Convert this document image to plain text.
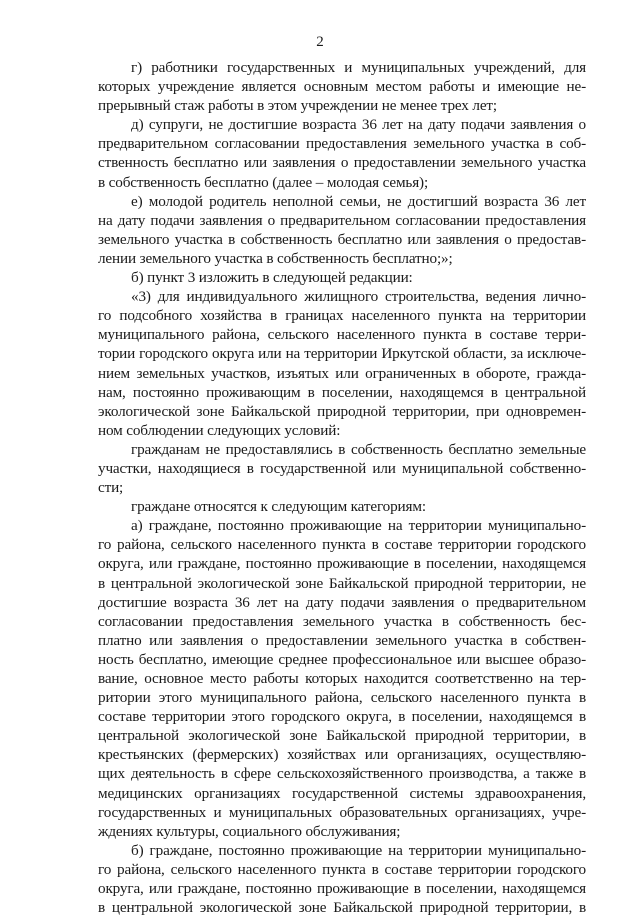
2
г) работники государственных и муниципальных учреждений, для
которых учреждение является основным местом работы и имеющие не-
прерывный стаж работы в этом учреждении не менее трех лет;
д) супруги, не достигшие возраста 36 лет на дату подачи заявления о
предварительном согласовании предоставления земельного участка в соб-
ственность бесплатно или заявления о предоставлении земельного участка
в собственность бесплатно (далее – молодая семья);
е) молодой родитель неполной семьи, не достигший возраста 36 лет
на дату подачи заявления о предварительном согласовании предоставления
земельного участка в собственность бесплатно или заявления о предостав-
лении земельного участка в собственность бесплатно;»;
б) пункт 3 изложить в следующей редакции:
«3) для индивидуального жилищного строительства, ведения лично-
го подсобного хозяйства в границах населенного пункта на территории
муниципального района, сельского населенного пункта в составе терри-
тории городского округа или на территории Иркутской области, за исключе-
нием земельных участков, изъятых или ограниченных в обороте, гражда-
нам, постоянно проживающим в поселении, находящемся в центральной
экологической зоне Байкальской природной территории, при одновремен-
ном соблюдении следующих условий:
гражданам не предоставлялись в собственность бесплатно земельные
участки, находящиеся в государственной или муниципальной собственно-
сти;
граждане относятся к следующим категориям:
а) граждане, постоянно проживающие на территории муниципально-
го района, сельского населенного пункта в составе территории городского
округа, или граждане, постоянно проживающие в поселении, находящемся
в центральной экологической зоне Байкальской природной территории, не
достигшие возраста 36 лет на дату подачи заявления о предварительном
согласовании предоставления земельного участка в собственность бес-
платно или заявления о предоставлении земельного участка в собствен-
ность бесплатно, имеющие среднее профессиональное или высшее образо-
вание, основное место работы которых находится соответственно на тер-
ритории этого муниципального района, сельского населенного пункта в
составе территории этого городского округа, в поселении, находящемся в
центральной экологической зоне Байкальской природной территории, в
крестьянских (фермерских) хозяйствах или организациях, осуществляю-
щих деятельность в сфере сельскохозяйственного производства, а также в
медицинских организациях государственной системы здравоохранения,
государственных и муниципальных образовательных организациях, учре-
ждениях культуры, социального обслуживания;
б) граждане, постоянно проживающие на территории муниципально-
го района, сельского населенного пункта в составе территории городского
округа, или граждане, постоянно проживающие в поселении, находящемся
в центральной экологической зоне Байкальской природной территории, в
